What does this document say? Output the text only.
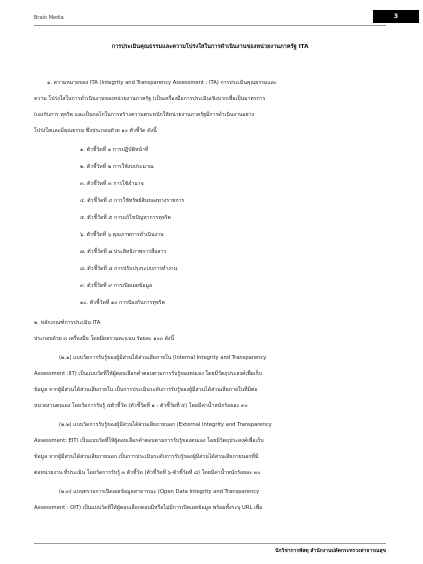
Brain Media	3
การประเมินคุณธรรมและความโปร่งใสในการดำเนินงานของหน่วยงานภาครัฐ ITA
๑. ความหมายของ ITA (Integrity and Transparency Assessment : ITA) การประเมินคุณธรรมและ
ความ โปร่งใสในการดำเนินงานของหน่วยงานภาครัฐ (เป็นเครื่องมือการประเมินเชิงบวกเพื่อเป็นมาตรการ
(เองกับการ ทุจริต และเป็นกลไกในการสร้างความตระหนักให้หน่วยงานภาครัฐมีการดำเนินงานอย่าง
โปร่งใสและมีคุณธรรม ซึ่งประกอบด้วย ๑๐ ตัวชี้วัด ดังนี้
๑. ตัวชี้วัดที่ ๑ การปฏิบัติหน้าที่
๒. ตัวชี้วัดที่ ๒ การใช้งบประมาณ
๓. ตัวชี้วัดที่ ๓ การใช้อำนาจ
๔. ตัวชี้วัดที่ ๔ การใช้ทรัพย์สินของทางราชการ
๕. ตัวชี้วัดที่ ๕ การแก้ไขปัญหาการทุจริต
๖. ตัวชี้วัดที่ ๖ คุณภาพการดำเนินงาน
๗. ตัวชี้วัดที่ ๗ ประสิทธิภาพการสื่อสาร
๘. ตัวชี้วัดที่ ๘ การปรับปรุงระบบการทำงาน
๙. ตัวชี้วัดที่ ๙ การเปิดเผยข้อมูล
๑๐. ตัวชี้วัดที่ ๑๐ การป้องกันการทุจริต
๒. หลักเกณฑ์การประเมิน ITA
ประกอบด้วย ๓ เครื่องมือ โดยมีผลรวมคะแนน ร้อยละ ๑๐๐ ดังนี้
(๒.๑) แบบวัดการรับรู้ของผู้มีส่วนได้ส่วนเสียภายใน (Internal Integrity and Transparency
Assessment :IIT) เป็นแบบวัดที่ให้ผู้ตอบเลือกคำตอบตามการรับรู้ของตนเอง โดยมีวัตถุประสงค์เพื่อเก็บ
ข้อมูล จากผู้มีส่วนได้ส่วนเสียภายใน เป็นการประเมินระดับการรับรู้ของผู้มีส่วนได้ส่วนเสียภายในที่มีต่อ
หน่วยงานตนเอง โดยวัดการรับรู้ ๕ตัวชี้วัด (ตัวชี้วัดที่ ๑ - ตัวชี้วัดที่ ๕) โดยมีค่าน้ำหนักร้อยละ ๓๐
(๒.๒) แบบวัดการรับรู้ของผู้มีส่วนได้ส่วนเสียภายนอก (External Integrity and Transparency
Assessment: EIT) เป็นแบบวัดที่ให้ผู้ตอบเลือกคำตอบตามการรับรู้ของตนเอง โดยมีวัตถุประสงค์เพื่อเก็บ
ข้อมูล จากผู้มีส่วนได้ส่วนเสียภายนอก เป็นการประเมินระดับการรับรู้ของผู้มีส่วนได้ส่วนเสียภายนอกที่มี
ต่อหน่วยงาน ที่ประเมิน โดยวัดการรับรู้ ๓ ตัวชี้วัด (ตัวชี้วัดที่ ๖-ตัวชี้วัดที่ ๘) โดยมีค่าน้ำหนักร้อยละ ๓๐
(๒.๓) แบบตรวจการเปิดเผยข้อมูลสาธารณะ (Open Data Integrity and Transparency
Assessment : OIT) เป็นแบบวัดที่ให้ผู้ตอบเลือกตอบมีหรือไม่มีการเปิดเผยข้อมูล พร้อมทั้งระบุ URL เพื่อ
นักวิชาการพัสดุ สำนักงานปลัดกระทรวงสาธารณสุข
